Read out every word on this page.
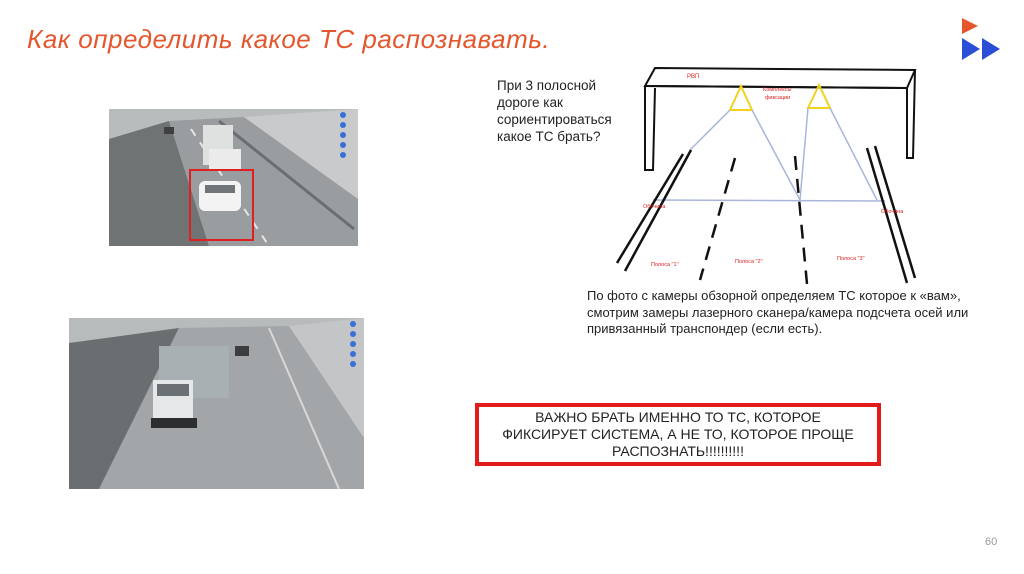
Как определить какое ТС распознавать.
При 3 полосной дороге как сориентироваться какое ТС брать?
РВП
Комплексы
фиксации
Обочина
Обочина
Полоса "1"	Полоса "2"	Полоса "3"
По фото с камеры обзорной определяем ТС которое к «вам», смотрим замеры лазерного сканера/камера подсчета осей или привязанный транспондер (если есть).
ВАЖНО БРАТЬ ИМЕННО ТО ТС, КОТОРОЕ ФИКСИРУЕТ СИСТЕМА, А НЕ ТО, КОТОРОЕ ПРОЩЕ РАСПОЗНАТЬ!!!!!!!!!!
60
